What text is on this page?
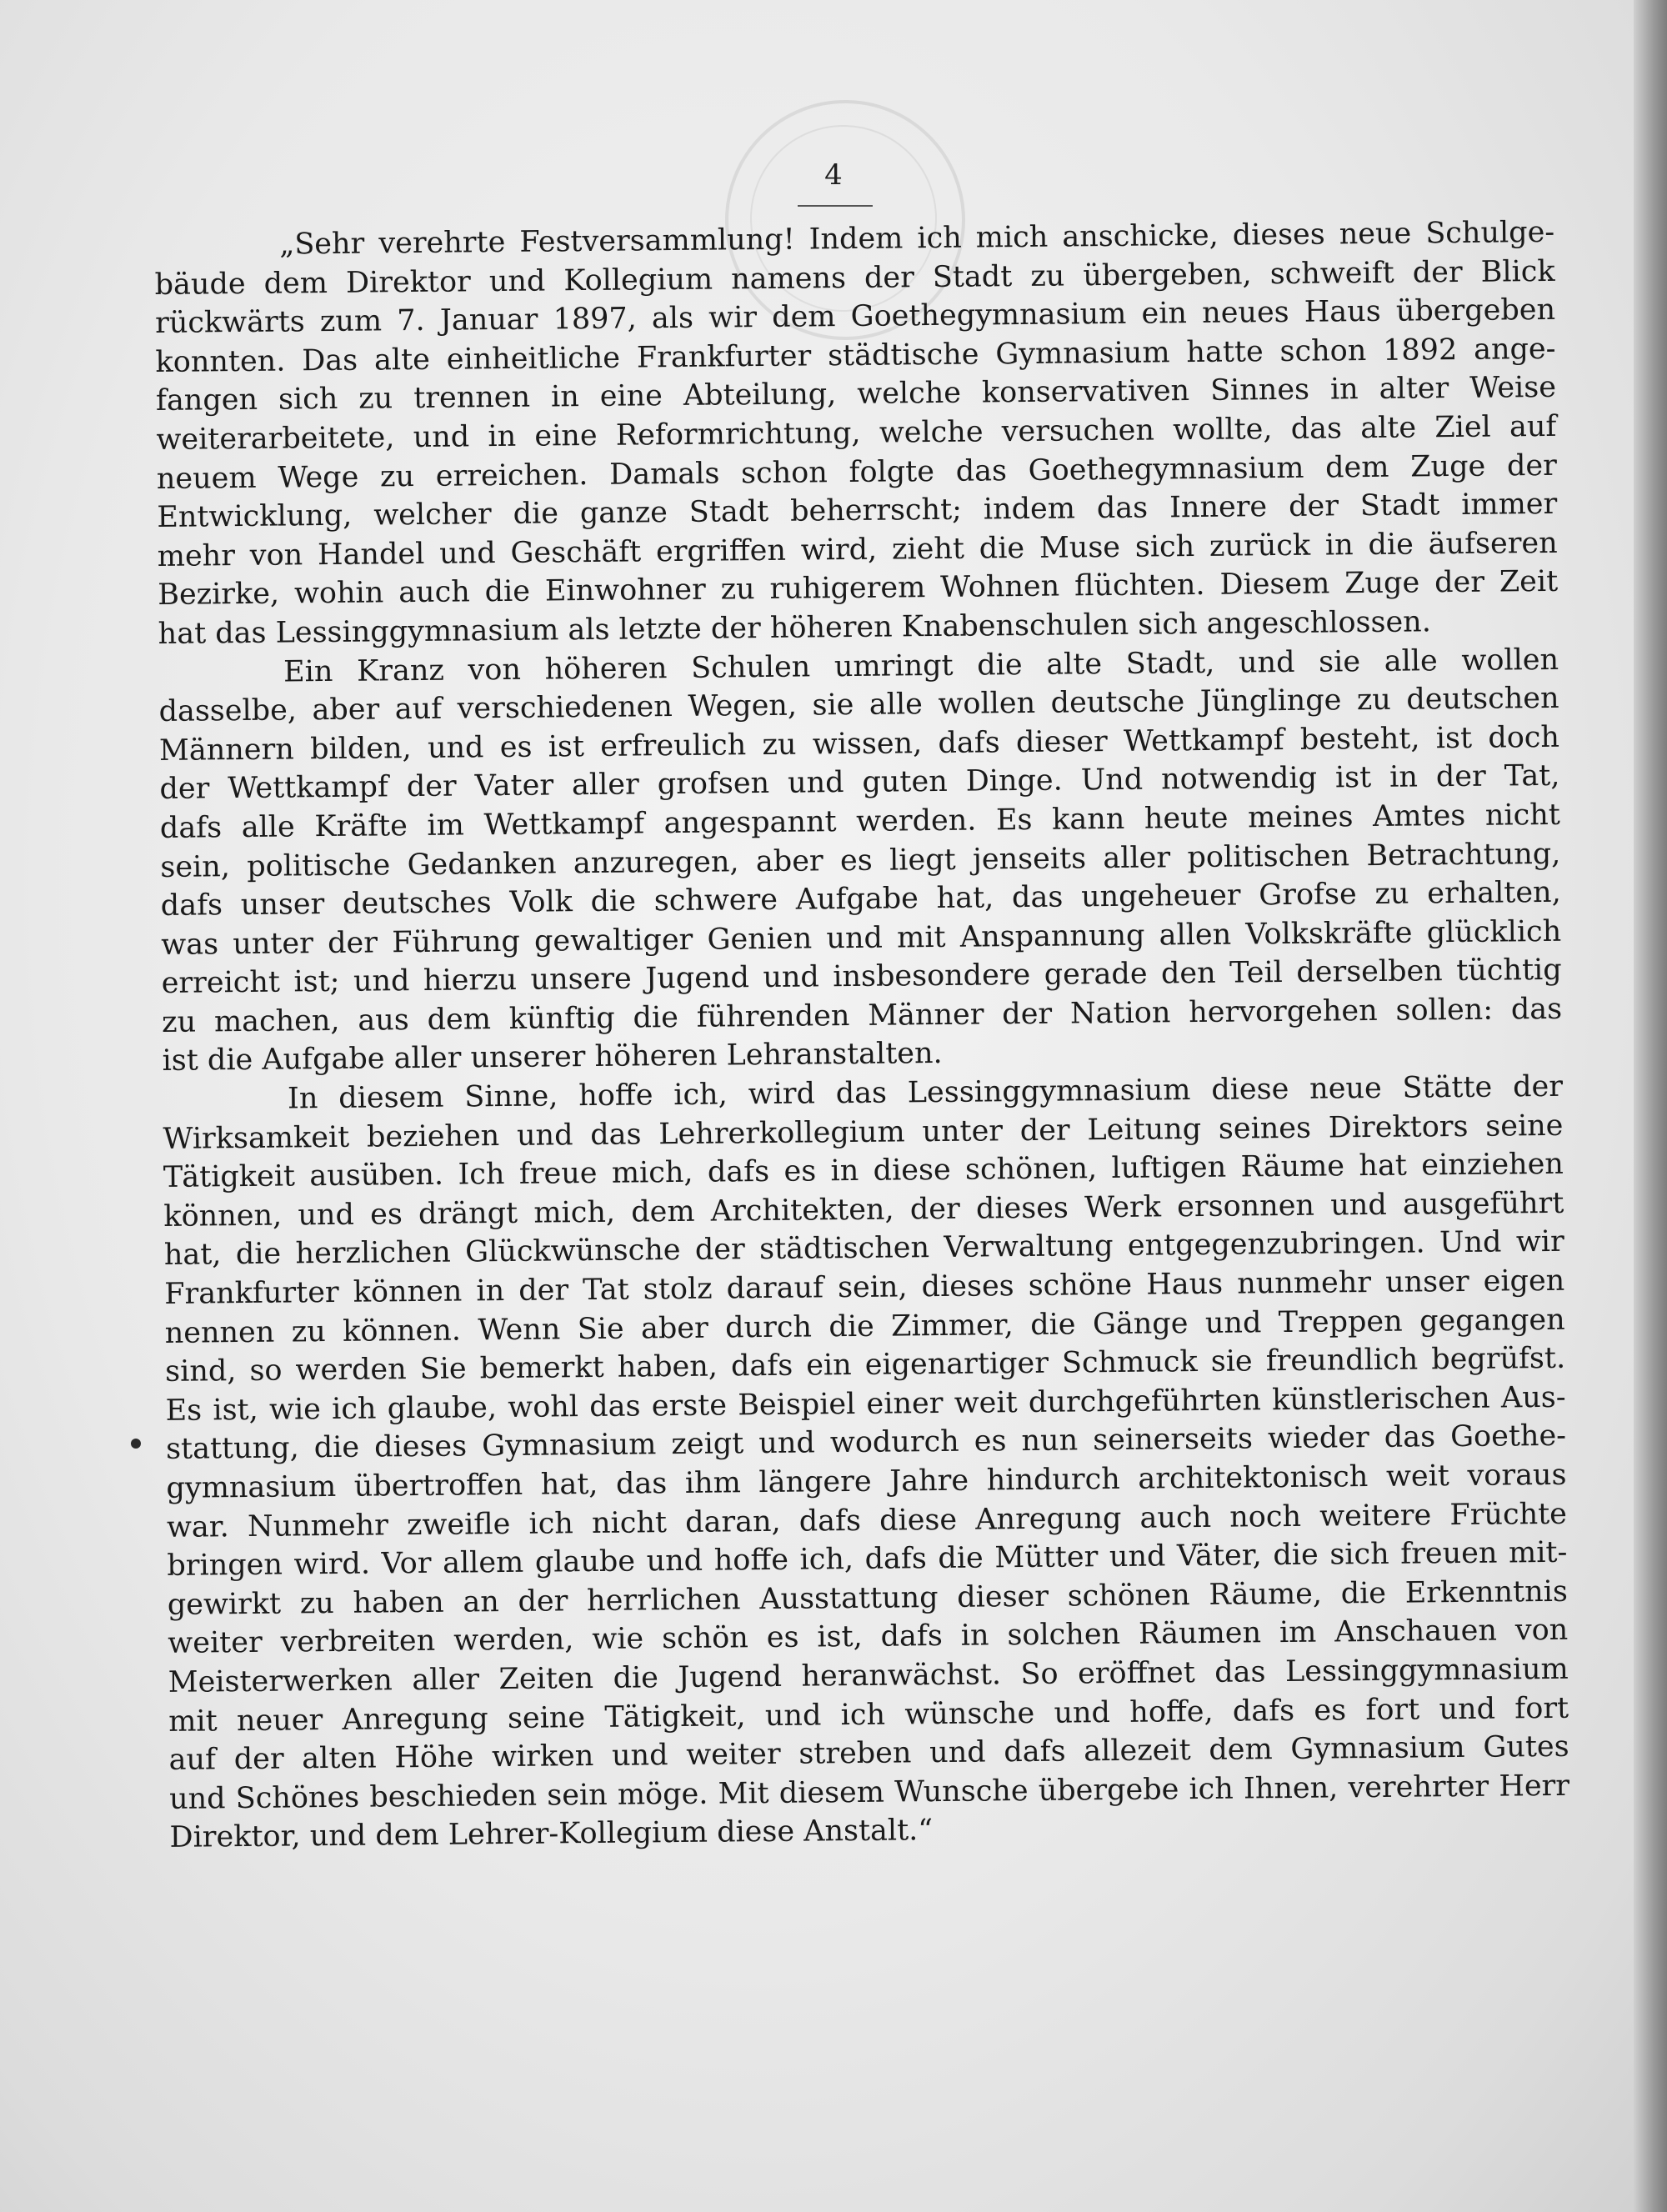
4
„Sehr verehrte Festversammlung! Indem ich mich anschicke, dieses neue Schulge-
bäude dem Direktor und Kollegium namens der Stadt zu übergeben, schweift der Blick
rückwärts zum 7. Januar 1897, als wir dem Goethegymnasium ein neues Haus übergeben
konnten. Das alte einheitliche Frankfurter städtische Gymnasium hatte schon 1892 ange-
fangen sich zu trennen in eine Abteilung, welche konservativen Sinnes in alter Weise
weiterarbeitete, und in eine Reformrichtung, welche versuchen wollte, das alte Ziel auf
neuem Wege zu erreichen. Damals schon folgte das Goethegymnasium dem Zuge der
Entwicklung, welcher die ganze Stadt beherrscht; indem das Innere der Stadt immer
mehr von Handel und Geschäft ergriffen wird, zieht die Muse sich zurück in die äufseren
Bezirke, wohin auch die Einwohner zu ruhigerem Wohnen flüchten. Diesem Zuge der Zeit
hat das Lessinggymnasium als letzte der höheren Knabenschulen sich angeschlossen.
Ein Kranz von höheren Schulen umringt die alte Stadt, und sie alle wollen
dasselbe, aber auf verschiedenen Wegen, sie alle wollen deutsche Jünglinge zu deutschen
Männern bilden, und es ist erfreulich zu wissen, dafs dieser Wettkampf besteht, ist doch
der Wettkampf der Vater aller grofsen und guten Dinge. Und notwendig ist in der Tat,
dafs alle Kräfte im Wettkampf angespannt werden. Es kann heute meines Amtes nicht
sein, politische Gedanken anzuregen, aber es liegt jenseits aller politischen Betrachtung,
dafs unser deutsches Volk die schwere Aufgabe hat, das ungeheuer Grofse zu erhalten,
was unter der Führung gewaltiger Genien und mit Anspannung allen Volkskräfte glücklich
erreicht ist; und hierzu unsere Jugend und insbesondere gerade den Teil derselben tüchtig
zu machen, aus dem künftig die führenden Männer der Nation hervorgehen sollen: das
ist die Aufgabe aller unserer höheren Lehranstalten.
In diesem Sinne, hoffe ich, wird das Lessinggymnasium diese neue Stätte der
Wirksamkeit beziehen und das Lehrerkollegium unter der Leitung seines Direktors seine
Tätigkeit ausüben. Ich freue mich, dafs es in diese schönen, luftigen Räume hat einziehen
können, und es drängt mich, dem Architekten, der dieses Werk ersonnen und ausgeführt
hat, die herzlichen Glückwünsche der städtischen Verwaltung entgegenzubringen. Und wir
Frankfurter können in der Tat stolz darauf sein, dieses schöne Haus nunmehr unser eigen
nennen zu können. Wenn Sie aber durch die Zimmer, die Gänge und Treppen gegangen
sind, so werden Sie bemerkt haben, dafs ein eigenartiger Schmuck sie freundlich begrüfst.
Es ist, wie ich glaube, wohl das erste Beispiel einer weit durchgeführten künstlerischen Aus-
stattung, die dieses Gymnasium zeigt und wodurch es nun seinerseits wieder das Goethe-
gymnasium übertroffen hat, das ihm längere Jahre hindurch architektonisch weit voraus
war. Nunmehr zweifle ich nicht daran, dafs diese Anregung auch noch weitere Früchte
bringen wird. Vor allem glaube und hoffe ich, dafs die Mütter und Väter, die sich freuen mit-
gewirkt zu haben an der herrlichen Ausstattung dieser schönen Räume, die Erkenntnis
weiter verbreiten werden, wie schön es ist, dafs in solchen Räumen im Anschauen von
Meisterwerken aller Zeiten die Jugend heranwächst. So eröffnet das Lessinggymnasium
mit neuer Anregung seine Tätigkeit, und ich wünsche und hoffe, dafs es fort und fort
auf der alten Höhe wirken und weiter streben und dafs allezeit dem Gymnasium Gutes
und Schönes beschieden sein möge. Mit diesem Wunsche übergebe ich Ihnen, verehrter Herr
Direktor, und dem Lehrer-Kollegium diese Anstalt.“
